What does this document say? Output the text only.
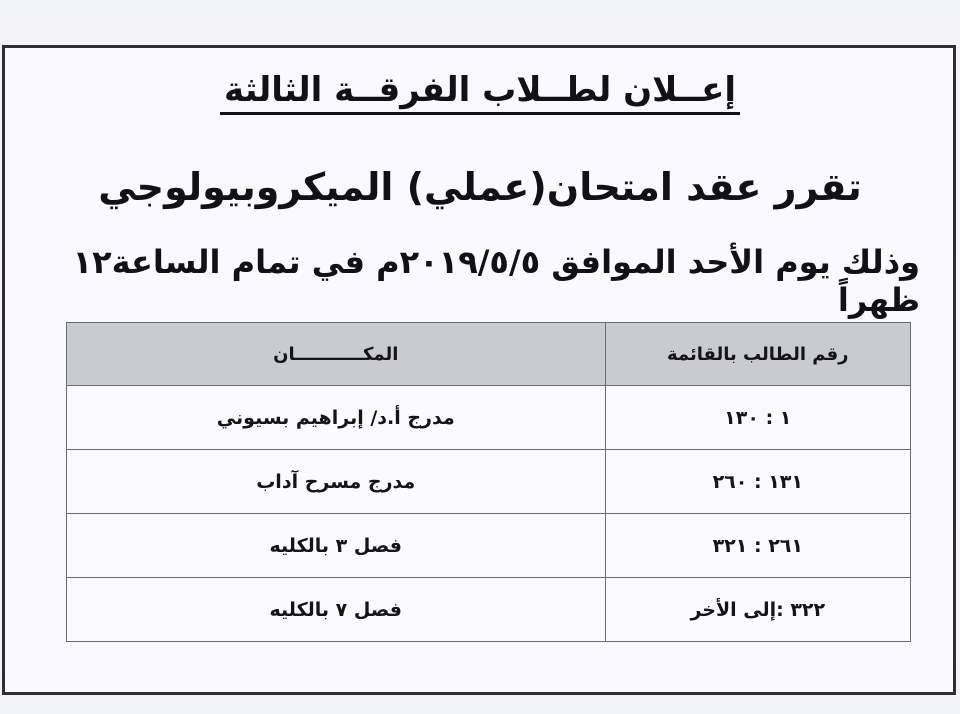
إعــلان لطــلاب الفرقــة الثالثة
تقرر عقد امتحان(عملي) الميكروبيولوجي
وذلك يوم الأحد الموافق ٢٠١٩/٥/٥م في تمام الساعة١٢ ظهراً
رقم الطالب بالقائمة	المكـــــــــــان
١ : ١٣٠	مدرج أ.د/ إبراهيم بسيوني
١٣١ : ٢٦٠	مدرج مسرح آداب
٢٦١ : ٣٢١	فصل ٣ بالكليه
٣٢٢ :إلى الأخر	فصل ٧ بالكليه
